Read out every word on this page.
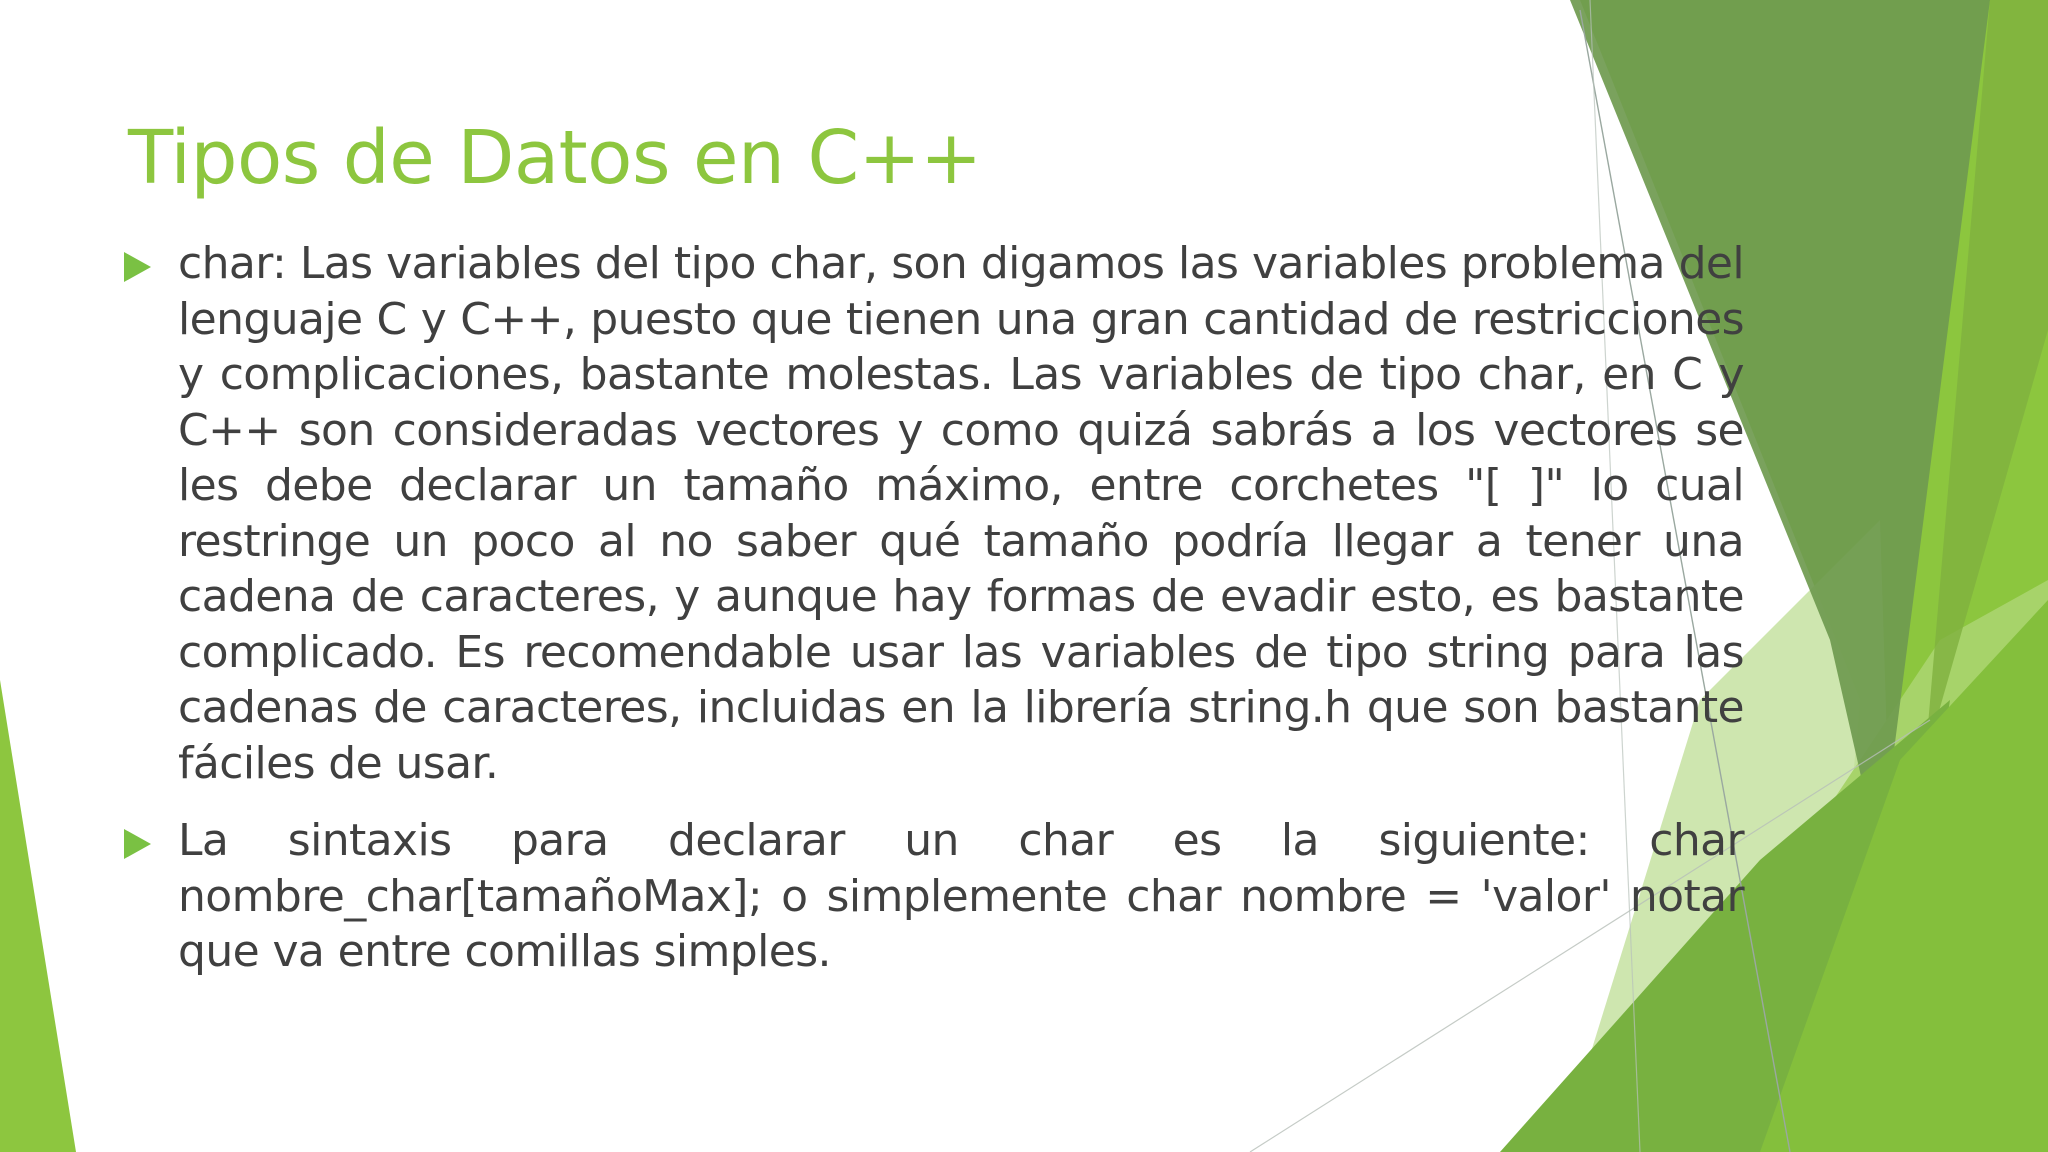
Tipos de Datos en C++
char: Las variables del tipo char, son digamos las variables problema del lenguaje C y C++, puesto que tienen una gran cantidad de restricciones y complicaciones, bastante molestas. Las variables de tipo char, en C y C++ son consideradas vectores y como quizá sabrás a los vectores se les debe declarar un tamaño máximo, entre corchetes "[ ]" lo cual restringe un poco al no saber qué tamaño podría llegar a tener una cadena de caracteres, y aunque hay formas de evadir esto, es bastante complicado. Es recomendable usar las variables de tipo string para las cadenas de caracteres, incluidas en la librería string.h que son bastante fáciles de usar.
La sintaxis para declarar un char es la siguiente: char nombre_char[tamañoMax]; o simplemente char nombre = 'valor' notar que va entre comillas simples.
